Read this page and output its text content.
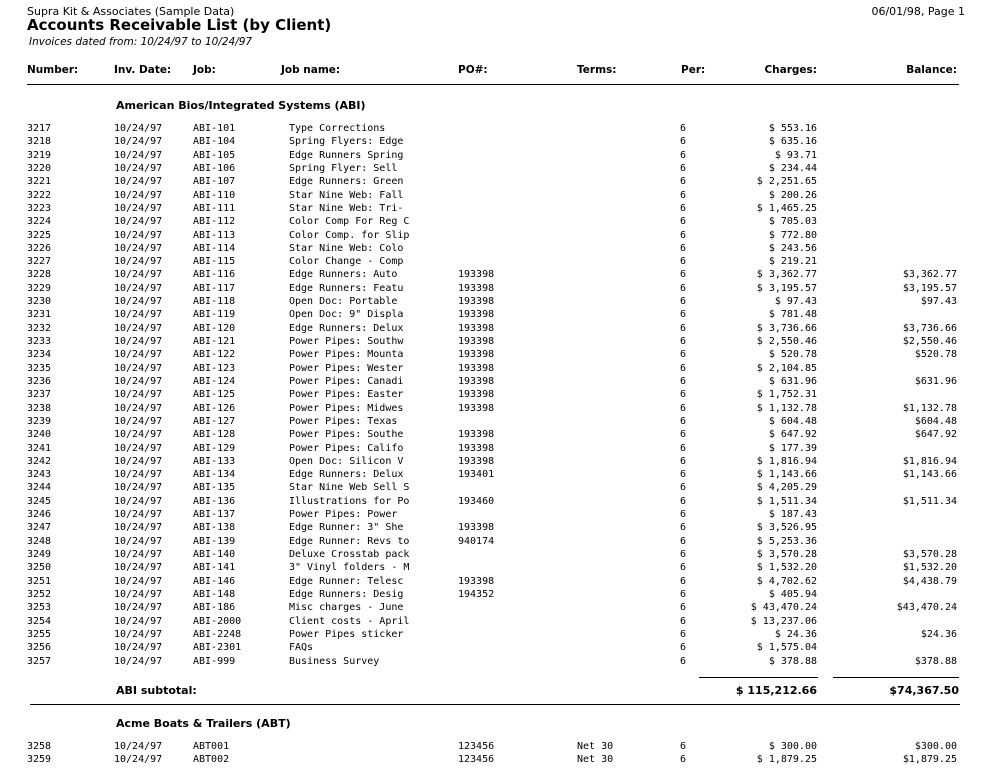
Supra Kit & Associates (Sample Data)	06/01/98, Page 1
Accounts Receivable List (by Client)
Invoices dated from: 10/24/97 to 10/24/97
Number:	Inv. Date: Job:	Job name:	PO#:	Terms:	Per:	Charges:	Balance:
American Bios/Integrated Systems (ABI)
3217	10/24/97	ABI-101	Type Corrections	6	$ 553.16
3218	10/24/97	ABI-104	Spring Flyers: Edge	6	$ 635.16
3219	10/24/97	ABI-105	Edge Runners Spring	6	$ 93.71
3220	10/24/97	ABI-106	Spring Flyer: Sell	6	$ 234.44
3221	10/24/97	ABI-107	Edge Runners: Green	6	$ 2,251.65
3222	10/24/97	ABI-110	Star Nine Web: Fall	6	$ 200.26
3223	10/24/97	ABI-111	Star Nine Web: Tri-	6	$ 1,465.25
3224	10/24/97	ABI-112	Color Comp For Reg C	6	$ 705.03
3225	10/24/97	ABI-113	Color Comp. for Slip	6	$ 772.80
3226	10/24/97	ABI-114	Star Nine Web: Colo	6	$ 243.56
3227	10/24/97	ABI-115	Color Change - Comp	6	$ 219.21
3228	10/24/97	ABI-116	Edge Runners: Auto	193398	6	$ 3,362.77	$3,362.77
3229	10/24/97	ABI-117	Edge Runners: Featu	193398	6	$ 3,195.57	$3,195.57
3230	10/24/97	ABI-118	Open Doc: Portable	193398	6	$ 97.43	$97.43
3231	10/24/97	ABI-119	Open Doc: 9" Displa	193398	6	$ 781.48
3232	10/24/97	ABI-120	Edge Runners: Delux	193398	6	$ 3,736.66	$3,736.66
3233	10/24/97	ABI-121	Power Pipes: Southw	193398	6	$ 2,550.46	$2,550.46
3234	10/24/97	ABI-122	Power Pipes: Mounta	193398	6	$ 520.78	$520.78
3235	10/24/97	ABI-123	Power Pipes: Wester	193398	6	$ 2,104.85
3236	10/24/97	ABI-124	Power Pipes: Canadi	193398	6	$ 631.96	$631.96
3237	10/24/97	ABI-125	Power Pipes: Easter	193398	6	$ 1,752.31
3238	10/24/97	ABI-126	Power Pipes: Midwes	193398	6	$ 1,132.78	$1,132.78
3239	10/24/97	ABI-127	Power Pipes: Texas	6	$ 604.48	$604.48
3240	10/24/97	ABI-128	Power Pipes: Southe	193398	6	$ 647.92	$647.92
3241	10/24/97	ABI-129	Power Pipes: Califo	193398	6	$ 177.39
3242	10/24/97	ABI-133	Open Doc: Silicon V	193398	6	$ 1,816.94	$1,816.94
3243	10/24/97	ABI-134	Edge Runners: Delux	193401	6	$ 1,143.66	$1,143.66
3244	10/24/97	ABI-135	Star Nine Web Sell S	6	$ 4,205.29
3245	10/24/97	ABI-136	Illustrations for Po	193460	6	$ 1,511.34	$1,511.34
3246	10/24/97	ABI-137	Power Pipes: Power	6	$ 187.43
3247	10/24/97	ABI-138	Edge Runner: 3" She	193398	6	$ 3,526.95
3248	10/24/97	ABI-139	Edge Runner: Revs to	940174	6	$ 5,253.36
3249	10/24/97	ABI-140	Deluxe Crosstab pack	6	$ 3,570.28	$3,570.28
3250	10/24/97	ABI-141	3" Vinyl folders - M	6	$ 1,532.20	$1,532.20
3251	10/24/97	ABI-146	Edge Runner: Telesc	193398	6	$ 4,702.62	$4,438.79
3252	10/24/97	ABI-148	Edge Runners: Desig	194352	6	$ 405.94
3253	10/24/97	ABI-186	Misc charges - June	6	$ 43,470.24	$43,470.24
3254	10/24/97	ABI-2000	Client costs - April	6	$ 13,237.06
3255	10/24/97	ABI-2248	Power Pipes sticker	6	$ 24.36	$24.36
3256	10/24/97	ABI-2301	FAQs	6	$ 1,575.04
3257	10/24/97	ABI-999	Business Survey	6	$ 378.88	$378.88
ABI subtotal:	$ 115,212.66	$74,367.50
Acme Boats & Trailers (ABT)
3258	10/24/97	ABT001	123456	Net 30	6	$ 300.00	$300.00
3259	10/24/97	ABT002	123456	Net 30	6	$ 1,879.25	$1,879.25
